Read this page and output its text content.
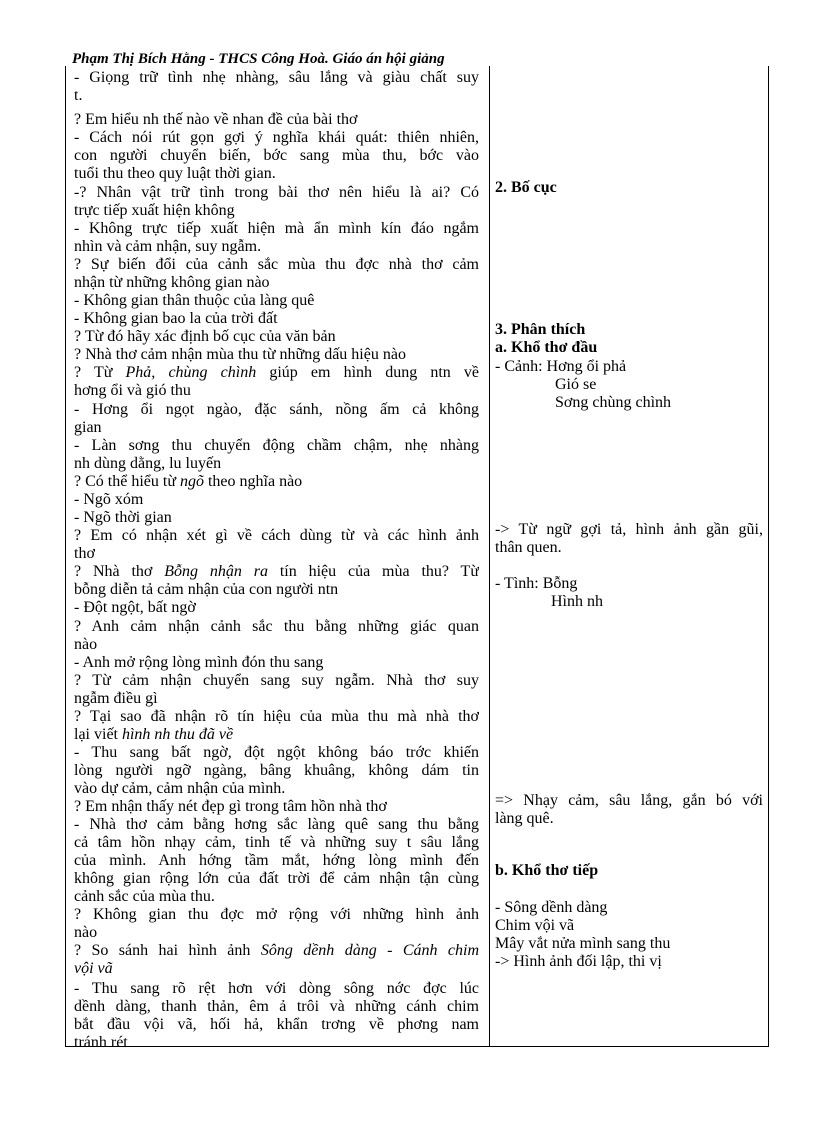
Phạm Thị Bích Hằng - THCS Công Hoà. Giáo án hội giảng
- Giọng trữ tình nhẹ nhàng, sâu lắng và giàu chất suy
t.
? Em hiểu nh thế nào về nhan đề của bài thơ
- Cách nói rút gọn gợi ý nghĩa khái quát: thiên nhiên,
con người chuyển biến, bớc sang mùa thu, bớc vào
tuổi thu theo quy luật thời gian.
-? Nhân vật trữ tình trong bài thơ nên hiểu là ai? Có
trực tiếp xuất hiện không
- Không trực tiếp xuất hiện mà ẩn mình kín đáo ngắm
nhìn và cảm nhận, suy ngẫm.
? Sự biến đổi của cảnh sắc mùa thu đợc nhà thơ cảm
nhận từ những không gian nào
- Không gian thân thuộc của làng quê
- Không gian bao la của trời đất
? Từ đó hãy xác định bố cục của văn bản
? Nhà thơ cảm nhận mùa thu từ những dấu hiệu nào
? Từ Phả, chùng chình giúp em hình dung ntn về
hơng ổi và gió thu
- Hơng ổi ngọt ngào, đặc sánh, nồng ấm cả không
gian
- Làn sơng thu chuyển động chầm chậm, nhẹ nhàng
nh dùng dằng, lu luyến
? Có thể hiểu từ ngõ theo nghĩa nào
- Ngõ xóm
- Ngõ thời gian
? Em có nhận xét gì về cách dùng từ và các hình ảnh
thơ
? Nhà thơ Bỗng nhận ra tín hiệu của mùa thu? Từ
bỗng diễn tả cảm nhận của con người ntn
- Đột ngột, bất ngờ
? Anh cảm nhận cảnh sắc thu bằng những giác quan
nào
- Anh mở rộng lòng mình đón thu sang
? Từ cảm nhận chuyển sang suy ngẫm. Nhà thơ suy
ngẫm điều gì
? Tại sao đã nhận rõ tín hiệu của mùa thu mà nhà thơ
lại viết hình nh thu đã về
- Thu sang bất ngờ, đột ngột không báo trớc khiến
lòng người ngỡ ngàng, bâng khuâng, không dám tin
vào dự cảm, cảm nhận của mình.
? Em nhận thấy nét đẹp gì trong tâm hồn nhà thơ
- Nhà thơ cảm bằng hơng sắc làng quê sang thu bằng
cả tâm hồn nhạy cảm, tinh tế và những suy t sâu lắng
của mình. Anh hớng tầm mắt, hớng lòng mình đến
không gian rộng lớn của đất trời để cảm nhận tận cùng
cảnh sắc của mùa thu.
? Không gian thu đợc mở rộng với những hình ảnh
nào
? So sánh hai hình ảnh Sông dềnh dàng - Cánh chim
vội vã
- Thu sang rõ rệt hơn với dòng sông nớc đợc lúc
dềnh dàng, thanh thản, êm ả trôi và những cánh chim
bắt đầu vội vã, hối hả, khẩn trơng về phơng nam
tránh rét
2. Bố cục
3. Phân thích
a. Khổ thơ đầu
- Cảnh: Hơng ổi phả
Gió se
Sơng chùng chình
-> Từ ngữ gợi tả, hình ảnh gần gũi,
thân quen.
- Tình: Bỗng
Hình nh
=> Nhạy cảm, sâu lắng, gắn bó với
làng quê.
b. Khổ thơ tiếp
- Sông dềnh dàng
Chim vội vã
Mây vắt nửa mình sang thu
-> Hình ảnh đối lập, thi vị
